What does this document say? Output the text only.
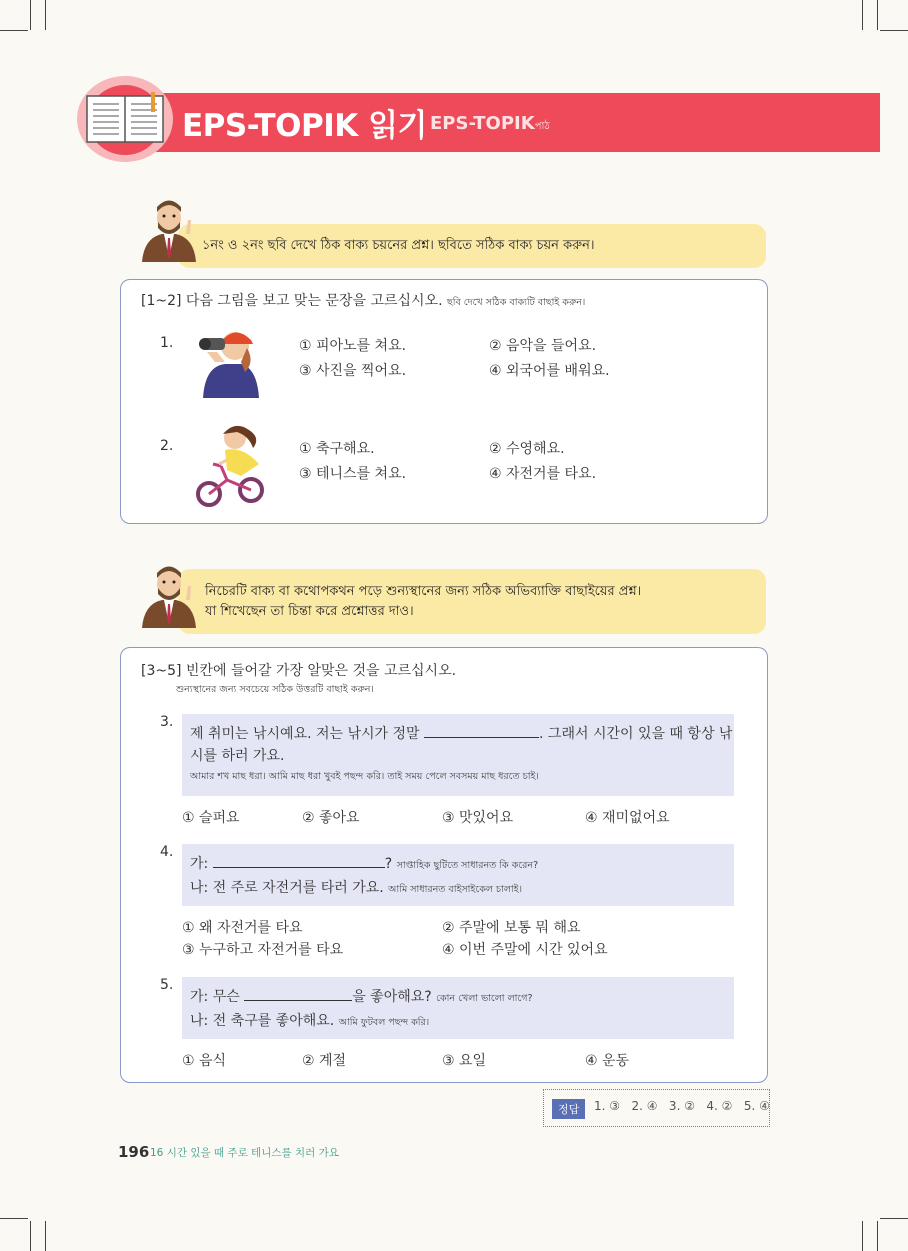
EPS-TOPIK 읽기 EPS-TOPIKপাঠ
১নং ও ২নং ছবি দেখে ঠিক বাক্য চয়নের প্রশ্ন। ছবিতে সঠিক বাক্য চয়ন করুন।
[1~2] 다음 그림을 보고 맞는 문장을 고르십시오. ছবি দেখে সঠিক বাক্যটি বাছাই করুন।
1.	① 피아노를 쳐요.	② 음악을 들어요.
③ 사진을 찍어요.	④ 외국어를 배워요.
2.	① 축구해요.	② 수영해요.
③ 테니스를 쳐요.	④ 자전거를 타요.
নিচেরটি বাক্য বা কথোপকথন পড়ে শুন্যস্থানের জন্য সঠিক অভিব্যাক্তি বাছাইয়ের প্রশ্ন।
যা শিখেছেন তা চিন্তা করে প্রশ্নোত্তর দাও।
[3~5] 빈칸에 들어갈 가장 알맞은 것을 고르십시오.
শুন্যস্থানের জন্য সবচেয়ে সঠিক উত্তরটি বাছাই করুন।
3.
제 취미는 낚시예요. 저는 낚시가 정말	. 그래서 시간이 있을 때 항상 낚
시를 하러 가요.
আমার শখ মাছ ধরা। আমি মাছ ধরা খুবই পছন্দ করি। তাই সময় পেলে সবসময় মাছ ধরতে চাই।
① 슬퍼요	② 좋아요	③ 맛있어요	④ 재미없어요
4.
가:	? সাপ্তাহিক ছুটিতে সাধারনত কি করেন?
나: 전 주로 자전거를 타러 가요. আমি সাধারনত বাইসাইকেল চালাই।
① 왜 자전거를 타요	② 주말에 보통 뭐 해요
③ 누구하고 자전거를 타요	④ 이번 주말에 시간 있어요
5.
가: 무슨	을 좋아해요? কোন খেলা ভালো লাগে?
나: 전 축구를 좋아해요. আমি ফুটবল পছন্দ করি।
① 음식	② 계절	③ 요일	④ 운동
정답	1. ③   2. ④   3. ②   4. ②   5. ④
196 16 시간 있을 때 주로 테니스를 치러 가요
